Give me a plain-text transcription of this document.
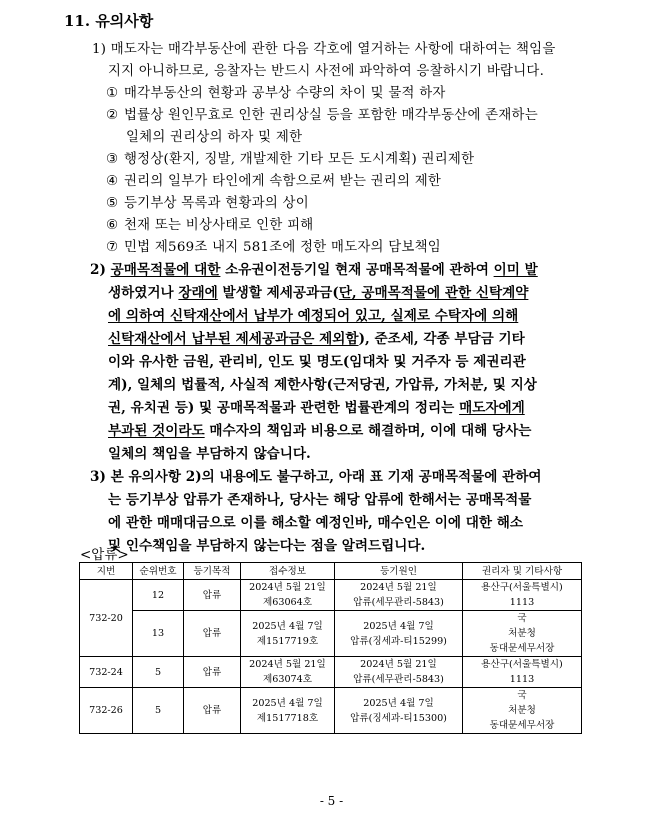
11. 유의사항
1) 매도자는 매각부동산에 관한 다음 각호에 열거하는 사항에 대하여는 책임을
지지 아니하므로, 응찰자는 반드시 사전에 파악하여 응찰하시기 바랍니다.
① 매각부동산의 현황과 공부상 수량의 차이 및 물적 하자
② 법률상 원인무효로 인한 권리상실 등을 포함한 매각부동산에 존재하는
일체의 권리상의 하자 및 제한
③ 행정상(환지, 징발, 개발제한 기타 모든 도시계획) 권리제한
④ 권리의 일부가 타인에게 속함으로써 받는 권리의 제한
⑤ 등기부상 목록과 현황과의 상이
⑥ 천재 또는 비상사태로 인한 피해
⑦ 민법 제569조 내지 581조에 정한 매도자의 담보책임
2) 공매목적물에 대한 소유권이전등기일 현재 공매목적물에 관하여 이미 발
생하였거나 장래에 발생할 제세공과금(단, 공매목적물에 관한 신탁계약
에 의하여 신탁재산에서 납부가 예정되어 있고, 실제로 수탁자에 의해
신탁재산에서 납부된 제세공과금은 제외함), 준조세, 각종 부담금 기타
이와 유사한 금원, 관리비, 인도 및 명도(임대차 및 거주자 등 제권리관
계), 일체의 법률적, 사실적 제한사항(근저당권, 가압류, 가처분, 및 지상
권, 유치권 등) 및 공매목적물과 관련한 법률관계의 정리는 매도자에게
부과된 것이라도 매수자의 책임과 비용으로 해결하며, 이에 대해 당사는
일체의 책임을 부담하지 않습니다.
3) 본 유의사항 2)의 내용에도 불구하고, 아래 표 기재 공매목적물에 관하여
는 등기부상 압류가 존재하나, 당사는 해당 압류에 한해서는 공매목적물
에 관한 매매대금으로 이를 해소할 예정인바, 매수인은 이에 대한 해소
및 인수책임을 부담하지 않는다는 점을 알려드립니다.
<압류>
지번	순위번호	등기목적	접수정보	등기원인	권리자 및 기타사항
732-20	12	압류	2024년 5월 21일
제63064호	2024년 5월 21일
압류(세무관리-5843)	용산구(서울특별시)
1113

	13	압류	2025년 4월 7일
제1517719호	2025년 4월 7일
압류(징세과-티15299)	국
처분청
동대문세무서장

732-24	5	압류	2024년 5월 21일
제63074호	2024년 5월 21일
압류(세무관리-5843)	용산구(서울특별시)
1113

732-26	5	압류	2025년 4월 7일
제1517718호	2025년 4월 7일
압류(징세과-티15300)	국
처분청
동대문세무서장
- 5 -
